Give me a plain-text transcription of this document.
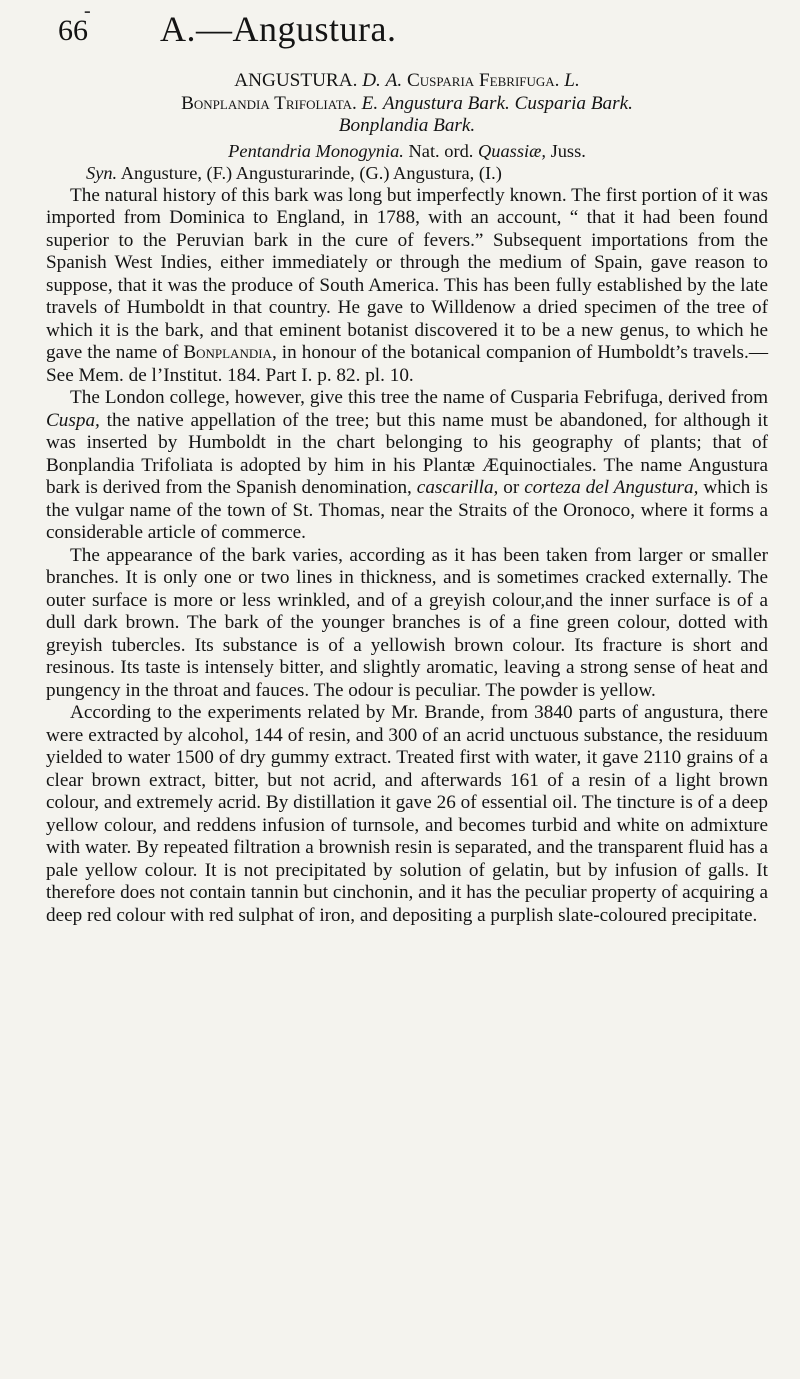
-
66 A.—Angustura.

ANGUSTURA. D. A. Cusparia Febrifuga. L.

Bonplandia Trifoliata. E. Angustura Bark. Cusparia Bark.

Bonplandia Bark.

Pentandria Monogynia. Nat. ord. Quassiæ, Juss.

Syn. Angusture, (F.) Angusturarinde, (G.) Angustura, (I.)

The natural history of this bark was long but imperfectly known. The first portion of it was imported from Dominica to England, in 1788, with an account, “ that it had been found superior to the Peruvian bark in the cure of fevers.” Subsequent importations from the Spanish West Indies, either immediately or through the medium of Spain, gave reason to suppose, that it was the produce of South America. This has been fully established by the late travels of Humboldt in that country. He gave to Willdenow a dried specimen of the tree of which it is the bark, and that eminent botanist discovered it to be a new genus, to which he gave the name of Bonplandia, in honour of the botanical companion of Humboldt’s travels.—See Mem. de l’Institut. 184. Part I. p. 82. pl. 10.

The London college, however, give this tree the name of Cusparia Febrifuga, derived from Cuspa, the native appellation of the tree; but this name must be abandoned, for although it was inserted by Humboldt in the chart belonging to his geography of plants; that of Bonplandia Trifoliata is adopted by him in his Plantæ Æquinoctiales. The name Angustura bark is derived from the Spanish denomination, cascarilla, or corteza del Angustura, which is the vulgar name of the town of St. Thomas, near the Straits of the Oronoco, where it forms a considerable article of commerce.

The appearance of the bark varies, according as it has been taken from larger or smaller branches. It is only one or two lines in thickness, and is sometimes cracked externally. The outer surface is more or less wrinkled, and of a greyish colour,and the inner surface is of a dull dark brown. The bark of the younger branches is of a fine green colour, dotted with greyish tubercles. Its substance is of a yellowish brown colour. Its fracture is short and resinous. Its taste is intensely bitter, and slightly aromatic, leaving a strong sense of heat and pungency in the throat and fauces. The odour is peculiar. The powder is yellow.

According to the experiments related by Mr. Brande, from 3840 parts of angustura, there were extracted by alcohol, 144 of resin, and 300 of an acrid unctuous substance, the residuum yielded to water 1500 of dry gummy extract. Treated first with water, it gave 2110 grains of a clear brown extract, bitter, but not acrid, and afterwards 161 of a resin of a light brown colour, and extremely acrid. By distillation it gave 26 of essential oil. The tincture is of a deep yellow colour, and reddens infusion of turnsole, and becomes turbid and white on admixture with water. By repeated filtration a brownish resin is separated, and the transparent fluid has a pale yellow colour. It is not precipitated by solution of gelatin, but by infusion of galls. It therefore does not contain tannin but cinchonin, and it has the peculiar property of acquiring a deep red colour with red sulphat of iron, and depositing a purplish slate-coloured precipitate.
